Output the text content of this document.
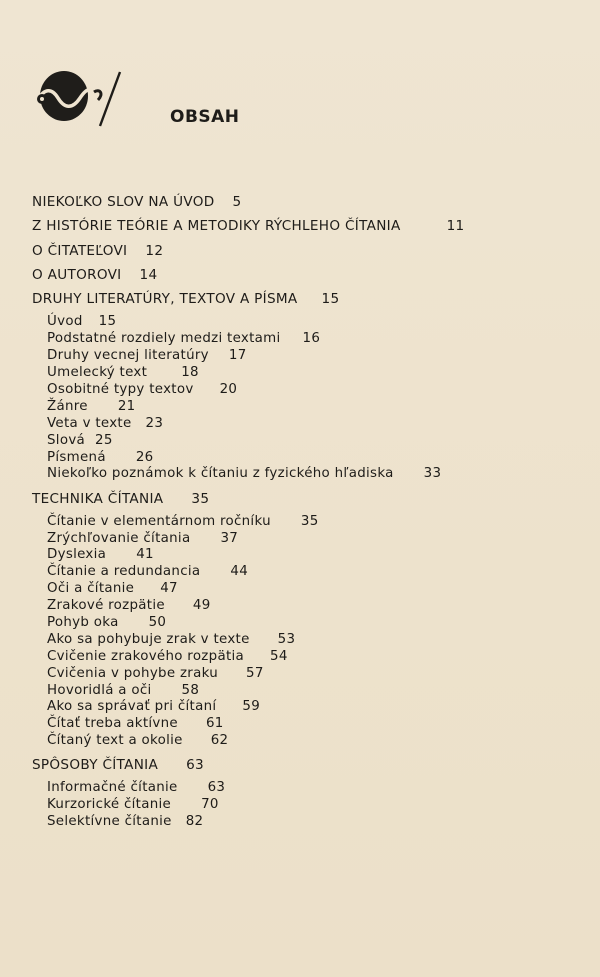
OBSAH
NIEKOĽKO SLOV NA ÚVOD 5
Z HISTÓRIE TEÓRIE A METODIKY RÝCHLEHO ČÍTANIA	11
O ČITATEĽOVI 12
O AUTOROVI 14
DRUHY LITERATÚRY, TEXTOV A PÍSMA 15
Úvod 15
Podstatné rozdiely medzi textami 16
Druhy vecnej literatúry 17
Umelecký text	18
Osobitné typy textov 20
Žánre 21
Veta v texte 23
Slová 25
Písmená 26
Niekoľko poznámok k čítaniu z fyzického hľadiska 33
TECHNIKA ČÍTANIA 35
Čítanie v elementárnom ročníku 35
Zrýchľovanie čítania 37
Dyslexia 41
Čítanie a redundancia 44
Oči a čítanie 47
Zrakové rozpätie 49
Pohyb oka 50
Ako sa pohybuje zrak v texte 53
Cvičenie zrakového rozpätia 54
Cvičenia v pohybe zraku 57
Hovoridlá a oči 58
Ako sa správať pri čítaní 59
Čítať treba aktívne 61
Čítaný text a okolie 62
SPÔSOBY ČÍTANIA 63
Informačné čítanie 63
Kurzorické čítanie 70
Selektívne čítanie 82
